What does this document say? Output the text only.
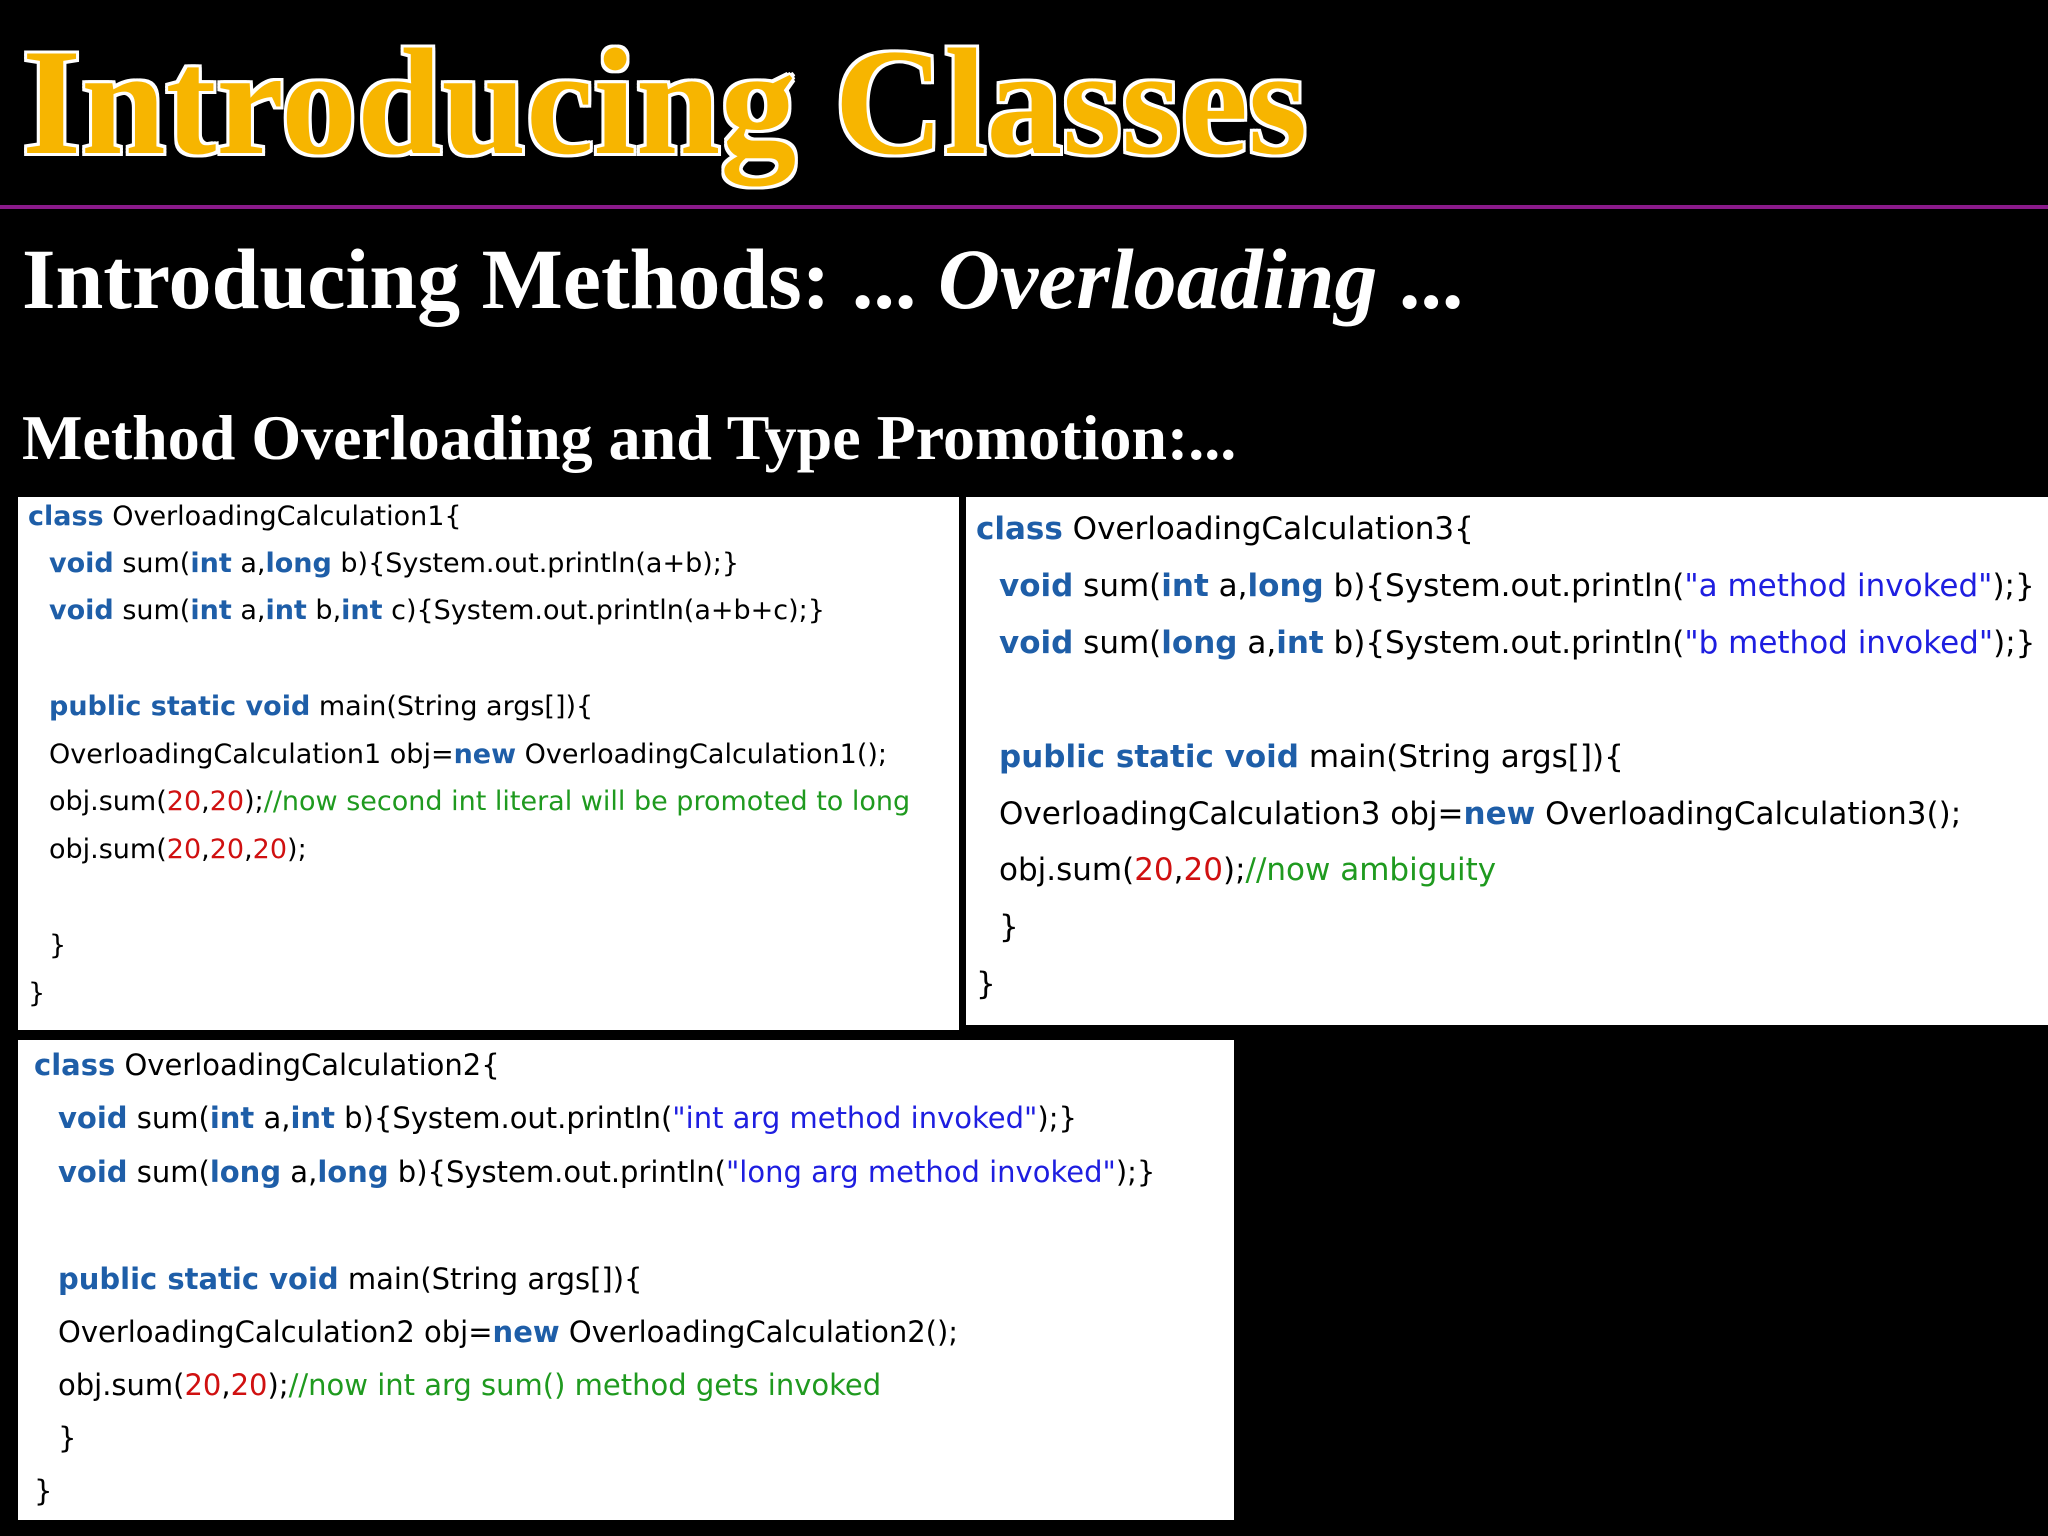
Introducing Classes
Introducing Methods: ... Overloading ...
Method Overloading and Type Promotion:...
class OverloadingCalculation1{
void sum(int a,long b){System.out.println(a+b);}
void sum(int a,int b,int c){System.out.println(a+b+c);}
public static void main(String args[]){
OverloadingCalculation1 obj=new OverloadingCalculation1();
obj.sum(20,20);//now second int literal will be promoted to long
obj.sum(20,20,20);
}
}
class OverloadingCalculation3{
void sum(int a,long b){System.out.println("a method invoked");}
void sum(long a,int b){System.out.println("b method invoked");}
public static void main(String args[]){
OverloadingCalculation3 obj=new OverloadingCalculation3();
obj.sum(20,20);//now ambiguity
}
}
class OverloadingCalculation2{
void sum(int a,int b){System.out.println("int arg method invoked");}
void sum(long a,long b){System.out.println("long arg method invoked");}
public static void main(String args[]){
OverloadingCalculation2 obj=new OverloadingCalculation2();
obj.sum(20,20);//now int arg sum() method gets invoked
}
}
